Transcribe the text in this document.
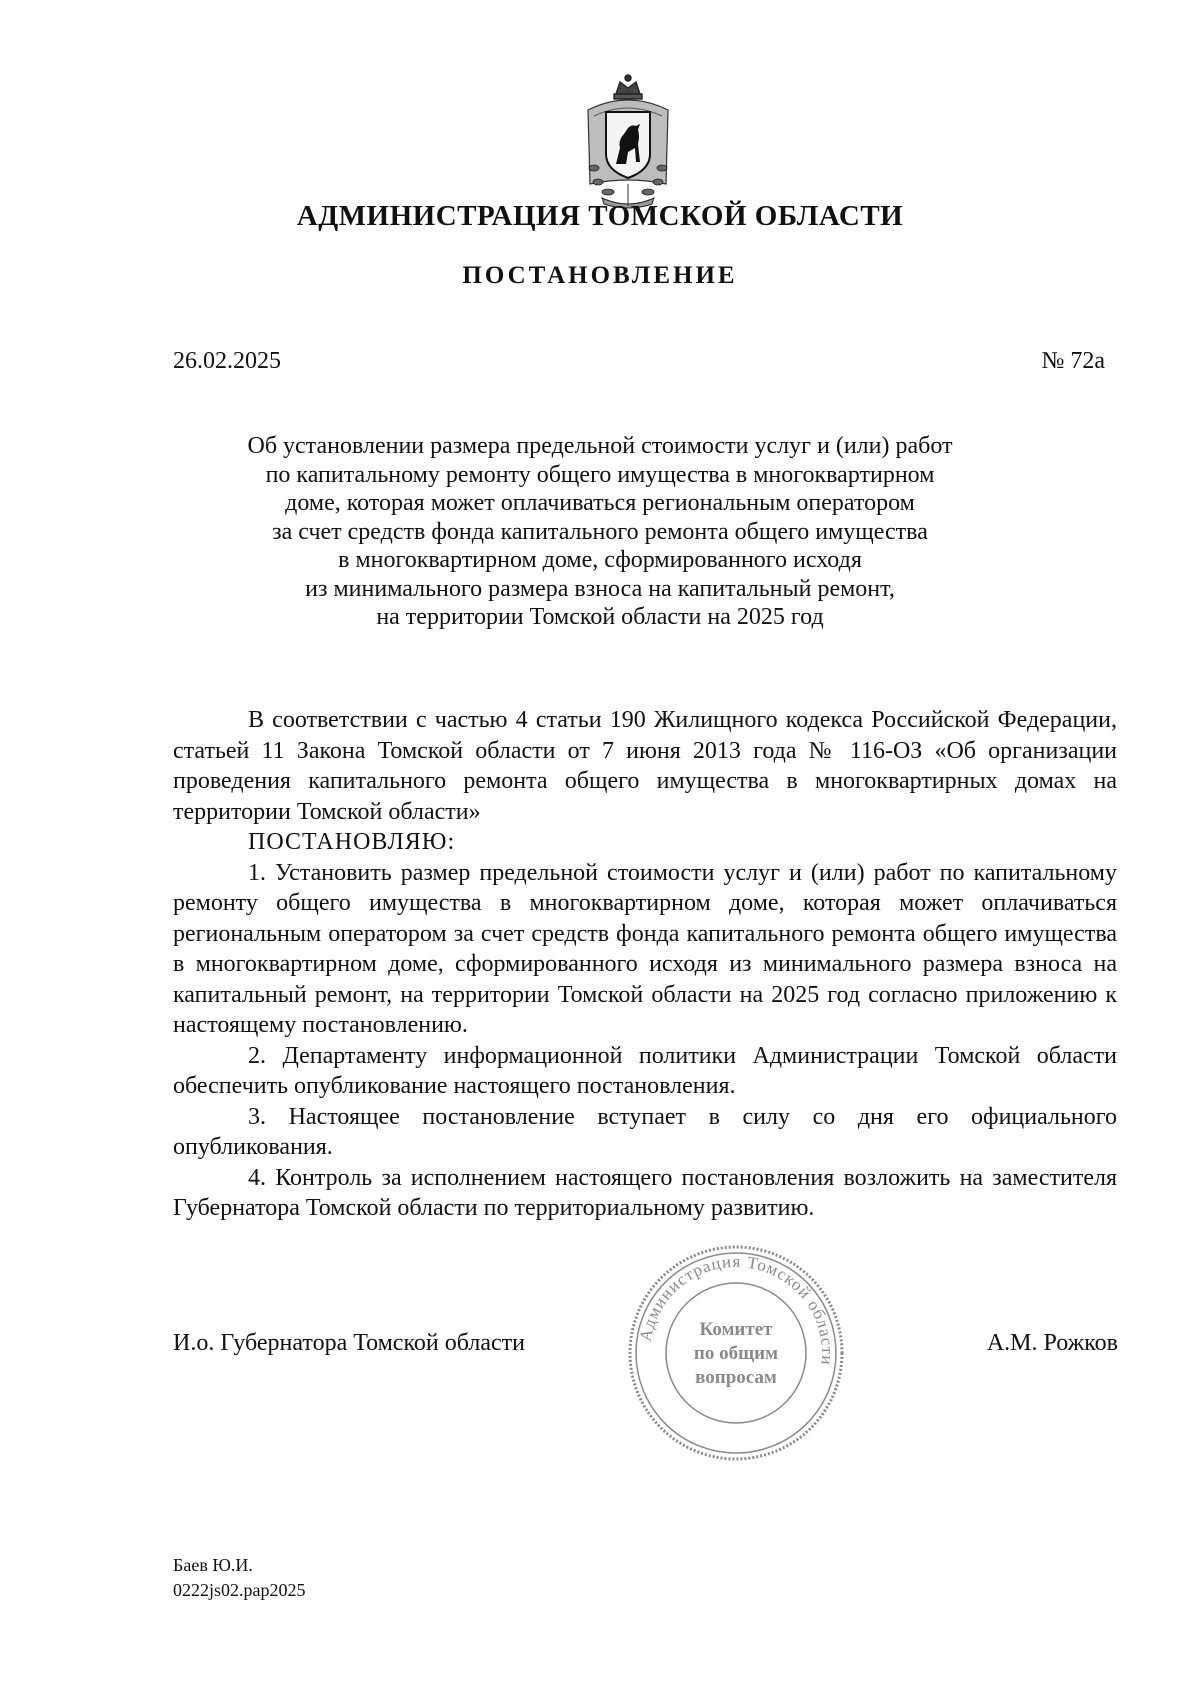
АДМИНИСТРАЦИЯ ТОМСКОЙ ОБЛАСТИ
ПОСТАНОВЛЕНИЕ
26.02.2025	№ 72а
Об установлении размера предельной стоимости услуг и (или) работ
по капитальному ремонту общего имущества в многоквартирном
доме, которая может оплачиваться региональным оператором
за счет средств фонда капитального ремонта общего имущества
в многоквартирном доме, сформированного исходя
из минимального размера взноса на капитальный ремонт,
на территории Томской области на 2025 год

В соответствии с частью 4 статьи 190 Жилищного кодекса Российской Федерации, статьей 11 Закона Томской области от 7 июня 2013 года № 116-ОЗ «Об организации проведения капитального ремонта общего имущества в многоквартирных домах на территории Томской области»

ПОСТАНОВЛЯЮ:

1. Установить размер предельной стоимости услуг и (или) работ по капитальному ремонту общего имущества в многоквартирном доме, которая может оплачиваться региональным оператором за счет средств фонда капитального ремонта общего имущества в многоквартирном доме, сформированного исходя из минимального размера взноса на капитальный ремонт, на территории Томской области на 2025 год согласно приложению к настоящему постановлению.

2. Департаменту информационной политики Администрации Томской области обеспечить опубликование настоящего постановления.

3. Настоящее постановление вступает в силу со дня его официального опубликования.

4. Контроль за исполнением настоящего постановления возложить на заместителя Губернатора Томской области по территориальному развитию.

И.о. Губернатора Томской области	Администрация Томской области
Комитет
по общим
вопросам
А.М. Рожков
Баев Ю.И.
0222js02.pap2025
